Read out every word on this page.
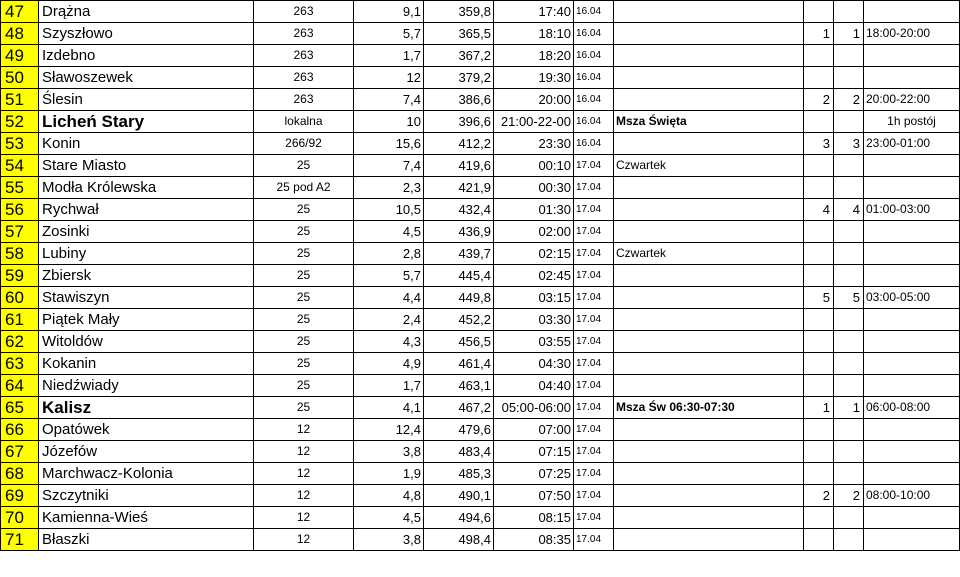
47	Drążna	263	9,1	359,8	17:40	16.04				
48	Szyszłowo	263	5,7	365,5	18:10	16.04		1	1	18:00-20:00
49	Izdebno	263	1,7	367,2	18:20	16.04				
50	Sławoszewek	263	12	379,2	19:30	16.04				
51	Ślesin	263	7,4	386,6	20:00	16.04		2	2	20:00-22:00
52	Licheń Stary	lokalna	10	396,6	21:00-22-00	16.04	Msza Święta			1h postój
53	Konin	266/92	15,6	412,2	23:30	16.04		3	3	23:00-01:00
54	Stare Miasto	25	7,4	419,6	00:10	17.04	Czwartek			
55	Modła Królewska	25 pod A2	2,3	421,9	00:30	17.04				
56	Rychwał	25	10,5	432,4	01:30	17.04		4	4	01:00-03:00
57	Zosinki	25	4,5	436,9	02:00	17.04				
58	Lubiny	25	2,8	439,7	02:15	17.04	Czwartek			
59	Zbiersk	25	5,7	445,4	02:45	17.04				
60	Stawiszyn	25	4,4	449,8	03:15	17.04		5	5	03:00-05:00
61	Piątek Mały	25	2,4	452,2	03:30	17.04				
62	Witoldów	25	4,3	456,5	03:55	17.04				
63	Kokanin	25	4,9	461,4	04:30	17.04				
64	Niedźwiady	25	1,7	463,1	04:40	17.04				
65	Kalisz	25	4,1	467,2	05:00-06:00	17.04	Msza Św 06:30-07:30	1	1	06:00-08:00
66	Opatówek	12	12,4	479,6	07:00	17.04				
67	Józefów	12	3,8	483,4	07:15	17.04				
68	Marchwacz-Kolonia	12	1,9	485,3	07:25	17.04				
69	Szczytniki	12	4,8	490,1	07:50	17.04		2	2	08:00-10:00
70	Kamienna-Wieś	12	4,5	494,6	08:15	17.04				
71	Błaszki	12	3,8	498,4	08:35	17.04				
